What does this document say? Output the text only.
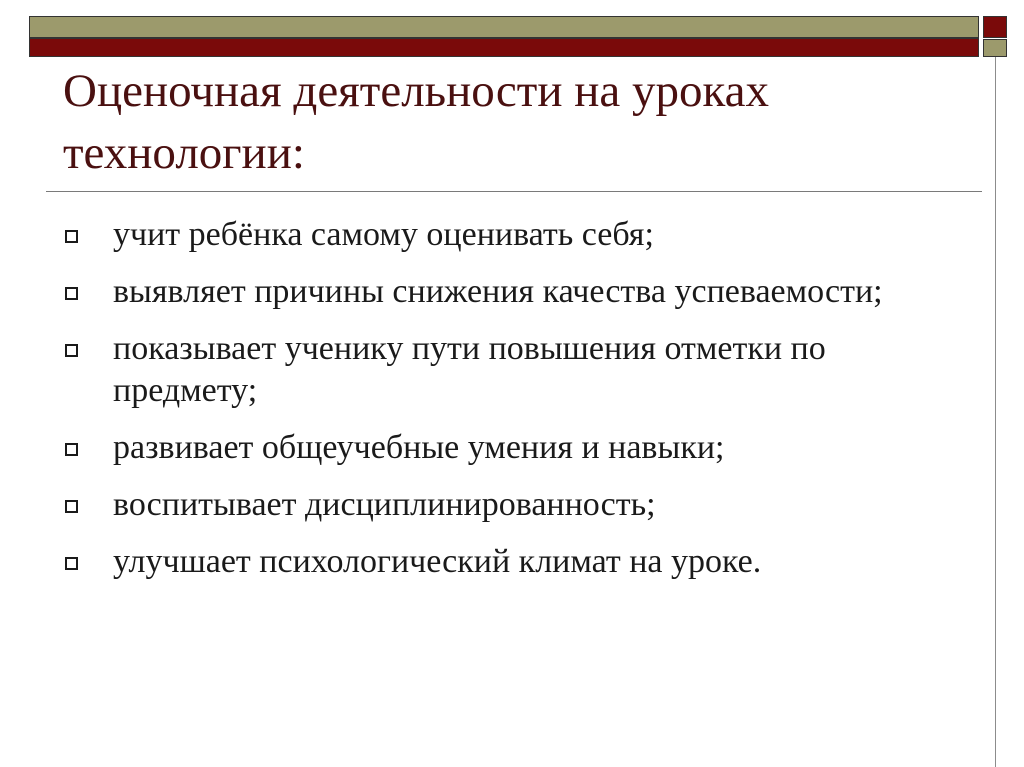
Оценочная деятельности на уроках технологии:
учит ребёнка самому оценивать себя;
выявляет причины снижения качества успеваемости;
показывает ученику пути повышения отметки по предмету;
развивает общеучебные умения и навыки;
воспитывает дисциплинированность;
улучшает психологический климат на уроке.
